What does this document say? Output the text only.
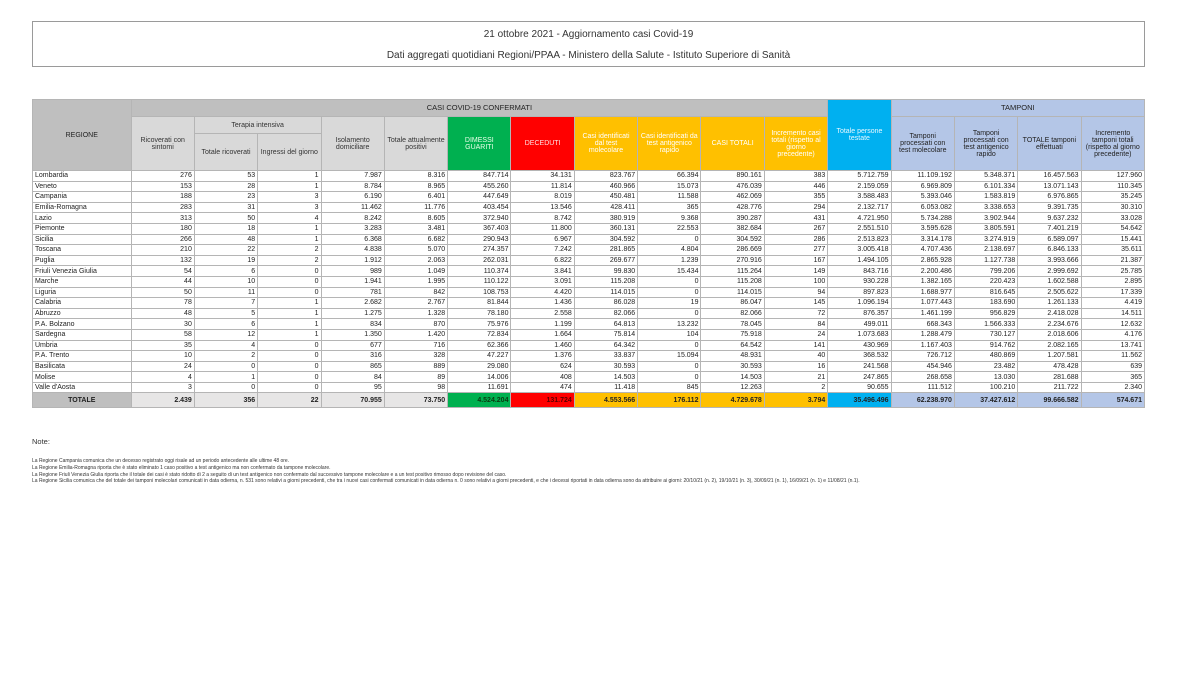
21 ottobre 2021 - Aggiornamento casi Covid-19
Dati aggregati quotidiani Regioni/PPAA - Ministero della Salute - Istituto Superiore di Sanità
REGIONE	CASI COVID-19 CONFERMATI											Totale persone testate	TAMPONI			
	Ricoverati con sintomi	Terapia intensiva		Isolamento domiciliare	Totale attualmente positivi	DIMESSI GUARITI	DECEDUTI	Casi identificati dal test molecolare	Casi identificati da test antigenico rapido	CASI TOTALI	Incremento casi totali (rispetto al giorno precedente)		Tamponi processati con test molecolare	Tamponi processati con test antigenico rapido	TOTALE tamponi effettuati	Incremento tamponi totali (rispetto al giorno precedente)
		Totale ricoverati	Ingressi del giorno													
Lombardia	276	53	1	7.987	8.316	847.714	34.131	823.767	66.394	890.161	383	5.712.759	11.109.192	5.348.371	16.457.563	127.960
Veneto	153	28	1	8.784	8.965	455.260	11.814	460.966	15.073	476.039	446	2.159.059	6.969.809	6.101.334	13.071.143	110.345
Campania	188	23	3	6.190	6.401	447.649	8.019	450.481	11.588	462.069	355	3.588.483	5.393.046	1.583.819	6.976.865	35.245
Emilia-Romagna	283	31	3	11.462	11.776	403.454	13.546	428.411	365	428.776	294	2.132.717	6.053.082	3.338.653	9.391.735	30.310
Lazio	313	50	4	8.242	8.605	372.940	8.742	380.919	9.368	390.287	431	4.721.950	5.734.288	3.902.944	9.637.232	33.028
Piemonte	180	18	1	3.283	3.481	367.403	11.800	360.131	22.553	382.684	267	2.551.510	3.595.628	3.805.591	7.401.219	54.642
Sicilia	266	48	1	6.368	6.682	290.943	6.967	304.592	0	304.592	286	2.513.823	3.314.178	3.274.919	6.589.097	15.441
Toscana	210	22	2	4.838	5.070	274.357	7.242	281.865	4.804	286.669	277	3.005.418	4.707.436	2.138.697	6.846.133	35.611
Puglia	132	19	2	1.912	2.063	262.031	6.822	269.677	1.239	270.916	167	1.494.105	2.865.928	1.127.738	3.993.666	21.387
Friuli Venezia Giulia	54	6	0	989	1.049	110.374	3.841	99.830	15.434	115.264	149	843.716	2.200.486	799.206	2.999.692	25.785
Marche	44	10	0	1.941	1.995	110.122	3.091	115.208	0	115.208	100	930.228	1.382.165	220.423	1.602.588	2.895
Liguria	50	11	0	781	842	108.753	4.420	114.015	0	114.015	94	897.823	1.688.977	816.645	2.505.622	17.339
Calabria	78	7	1	2.682	2.767	81.844	1.436	86.028	19	86.047	145	1.096.194	1.077.443	183.690	1.261.133	4.419
Abruzzo	48	5	1	1.275	1.328	78.180	2.558	82.066	0	82.066	72	876.357	1.461.199	956.829	2.418.028	14.511
P.A. Bolzano	30	6	1	834	870	75.976	1.199	64.813	13.232	78.045	84	499.011	668.343	1.566.333	2.234.676	12.632
Sardegna	58	12	1	1.350	1.420	72.834	1.664	75.814	104	75.918	24	1.073.683	1.288.479	730.127	2.018.606	4.176
Umbria	35	4	0	677	716	62.366	1.460	64.342	0	64.542	141	430.969	1.167.403	914.762	2.082.165	13.741
P.A. Trento	10	2	0	316	328	47.227	1.376	33.837	15.094	48.931	40	368.532	726.712	480.869	1.207.581	11.562
Basilicata	24	0	0	865	889	29.080	624	30.593	0	30.593	16	241.568	454.946	23.482	478.428	639
Molise	4	1	0	84	89	14.006	408	14.503	0	14.503	21	247.865	268.658	13.030	281.688	365
Valle d'Aosta	3	0	0	95	98	11.691	474	11.418	845	12.263	2	90.655	111.512	100.210	211.722	2.340
TOTALE	2.439	356	22	70.955	73.750	4.524.204	131.724	4.553.566	176.112	4.729.678	3.794	35.496.496	62.238.970	37.427.612	99.666.582	574.671
Note:
La Regione Campania comunica che un decesso registrato oggi risale ad un periodo antecedente alle ultime 48 ore.
La Regione Emilia-Romagna riporta che è stato eliminato 1 caso positivo a test antigenico ma non confermato da tampone molecolare.
La Regione Friuli Venezia Giulia riporta che il totale dei casi è stato ridotto di 2 a seguito di un test antigenico non confermato dal successivo tampone molecolare e a un test positivo rimosso dopo revisione del caso.
La Regione Sicilia comunica che del totale dei tamponi molecolari comunicati in data odierna, n. 531 sono relativi a giorni precedenti, che tra i nuovi casi confermati comunicati in data odierna n. 0 sono relativi a giorni precedenti, e che i decessi riportati in data odierna sono da attribuire ai giorni: 20/10/21 (n. 2), 19/10/21 (n. 3), 30/09/21 (n. 1), 16/09/21 (n. 1) e 11/08/21 (n.1).
